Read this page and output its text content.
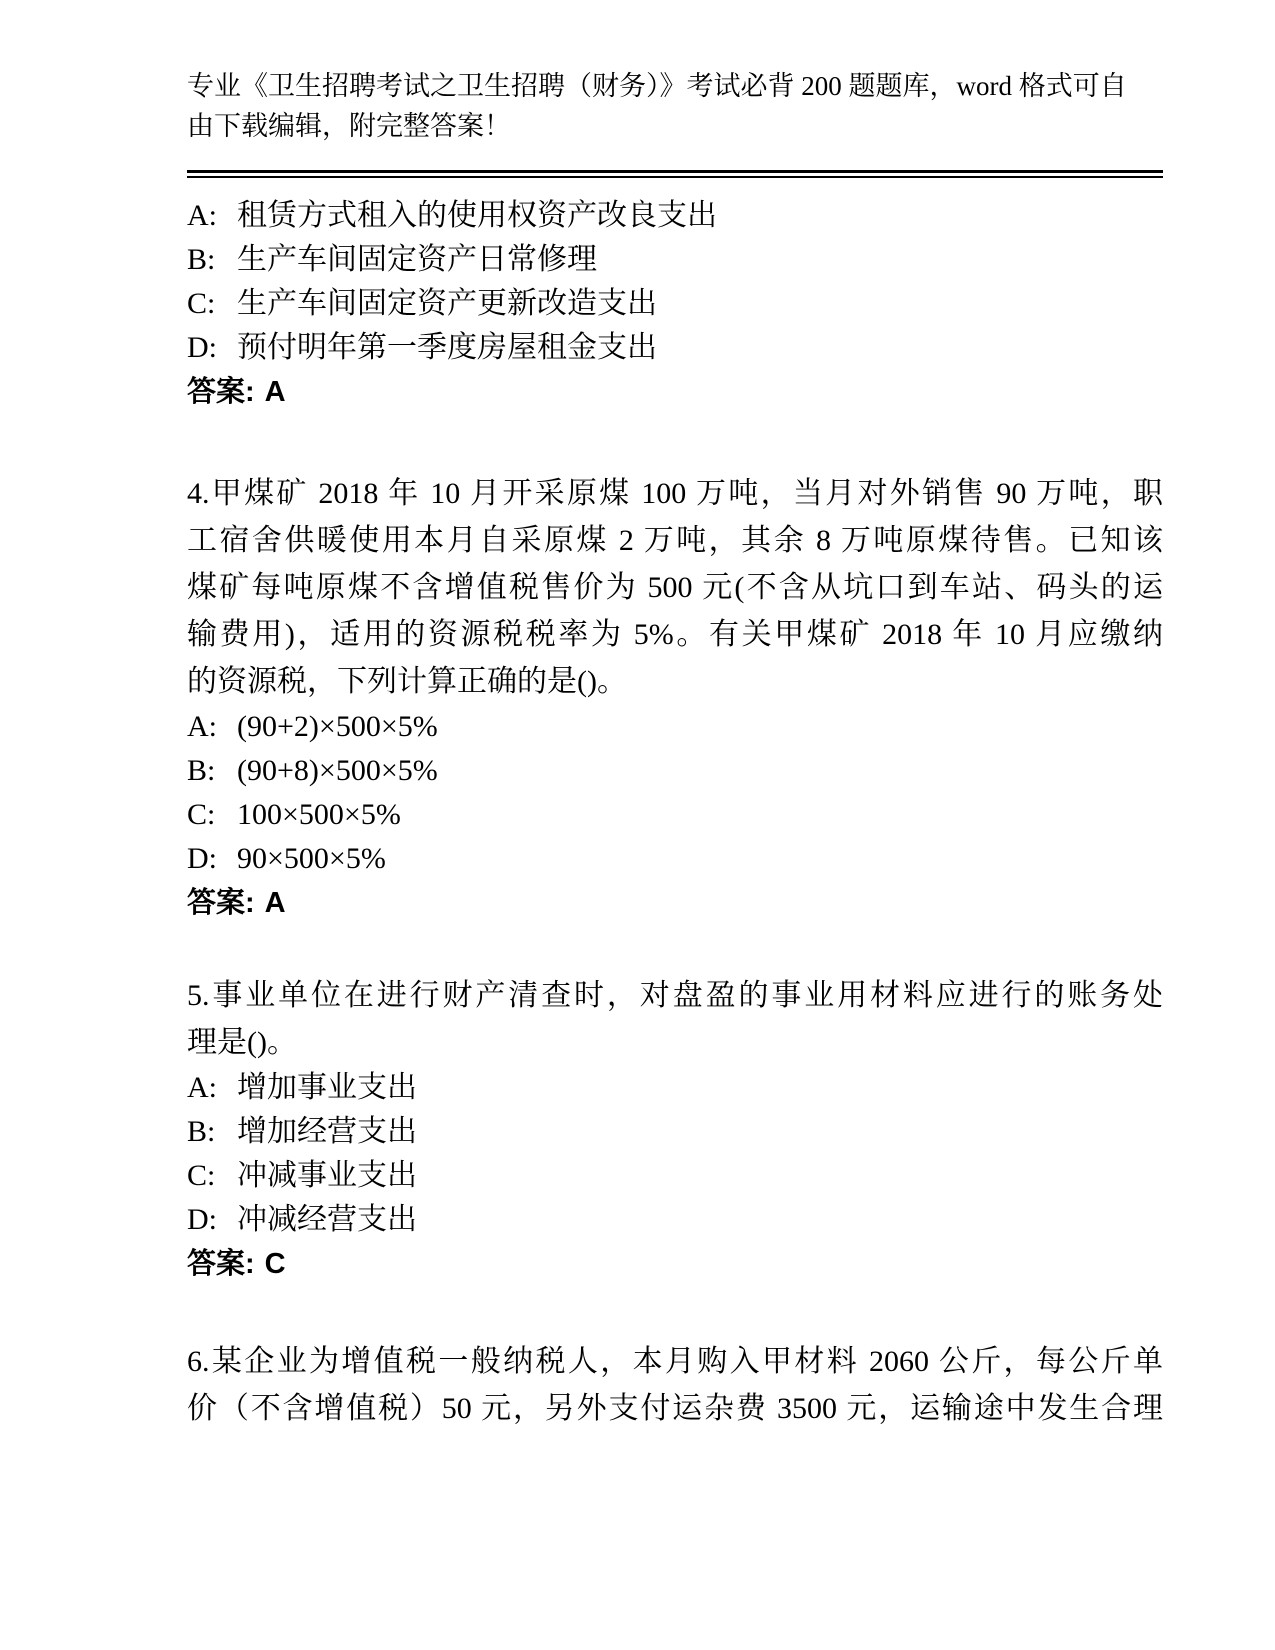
专业《卫生招聘考试之卫生招聘（财务）》考试必背 200 题题库，word 格式可自
由下载编辑，附完整答案！
A: 租赁方式租入的使用权资产改良支出
B: 生产车间固定资产日常修理
C: 生产车间固定资产更新改造支出
D: 预付明年第一季度房屋租金支出
答案: A
4.甲煤矿 2018 年 10 月开采原煤 100 万吨，当月对外销售 90 万吨，职
工宿舍供暖使用本月自采原煤 2 万吨，其余 8 万吨原煤待售。已知该
煤矿每吨原煤不含增值税售价为 500 元(不含从坑口到车站、码头的运
输费用)，适用的资源税税率为 5%。有关甲煤矿 2018 年 10 月应缴纳
的资源税，下列计算正确的是()。
A: (90+2)×500×5%
B: (90+8)×500×5%
C: 100×500×5%
D: 90×500×5%
答案: A
5.事业单位在进行财产清查时，对盘盈的事业用材料应进行的账务处
理是()。
A: 增加事业支出
B: 增加经营支出
C: 冲减事业支出
D: 冲减经营支出
答案: C
6.某企业为增值税一般纳税人，本月购入甲材料 2060 公斤，每公斤单
价（不含增值税）50 元，另外支付运杂费 3500 元，运输途中发生合理
